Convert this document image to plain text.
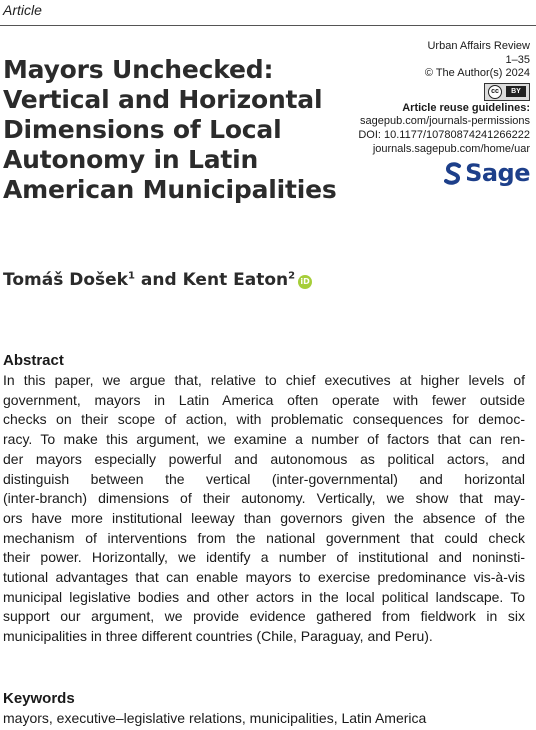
Article
Mayors Unchecked:
Vertical and Horizontal
Dimensions of Local
Autonomy in Latin
American Municipalities
Urban Affairs Review
1–35
© The Author(s) 2024
cc	BY
Article reuse guidelines:
sagepub.com/journals-permissions
DOI: 10.1177/10780874241266222
journals.sagepub.com/home/uar
Sage
Tomáš Došek$^1$ and Kent Eaton$^2$iD
Abstract
In this paper, we argue that, relative to chief executives at higher levels of
government, mayors in Latin America often operate with fewer outside
checks on their scope of action, with problematic consequences for democ-
racy. To make this argument, we examine a number of factors that can ren-
der mayors especially powerful and autonomous as political actors, and
distinguish between the vertical (inter-governmental) and horizontal
(inter-branch) dimensions of their autonomy. Vertically, we show that may-
ors have more institutional leeway than governors given the absence of the
mechanism of interventions from the national government that could check
their power. Horizontally, we identify a number of institutional and noninsti-
tutional advantages that can enable mayors to exercise predominance vis-à-vis
municipal legislative bodies and other actors in the local political landscape. To
support our argument, we provide evidence gathered from fieldwork in six
municipalities in three different countries (Chile, Paraguay, and Peru).
Keywords
mayors, executive–legislative relations, municipalities, Latin America
